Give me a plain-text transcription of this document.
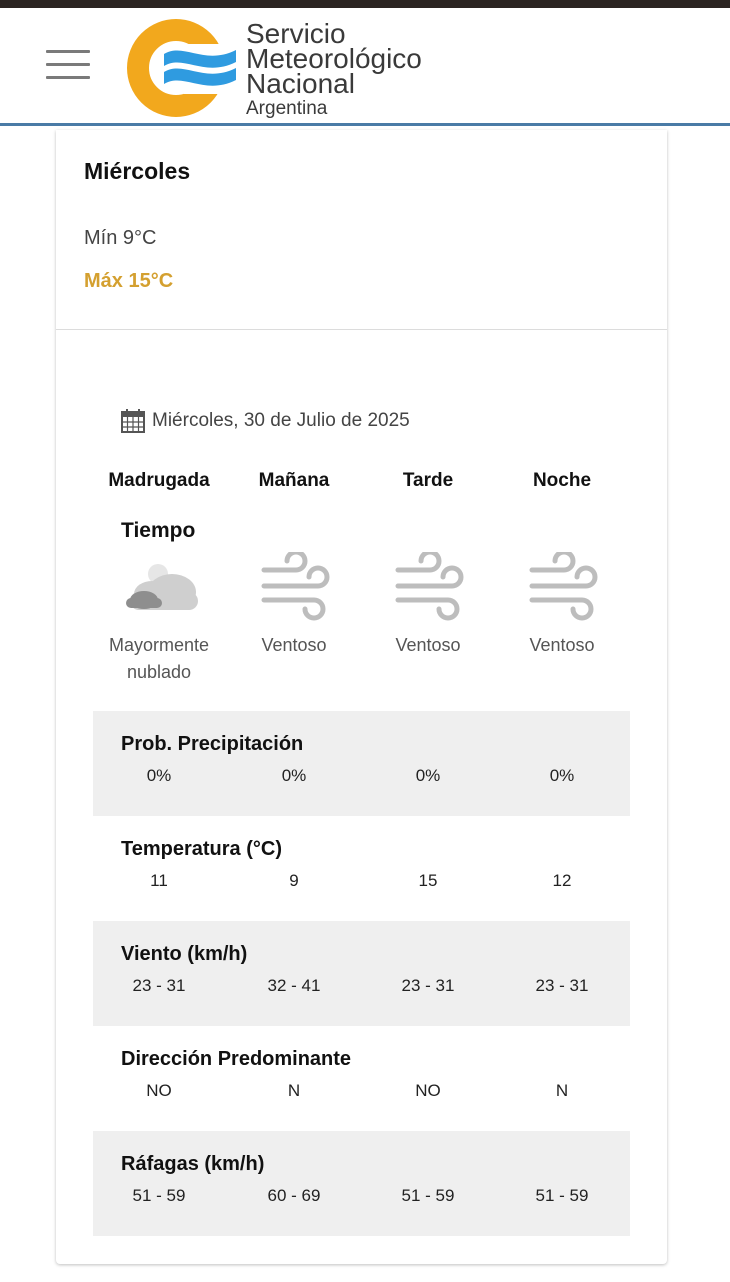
Servicio
Meteorológico
Nacional
Argentina
Miércoles
Mín 9°C
Máx 15°C
Miércoles, 30 de Julio de 2025
Madrugada	Mañana	Tarde	Noche
Tiempo
Mayormente
nublado
Ventoso	Ventoso	Ventoso
Prob. Precipitación
0%	0%	0%	0%
Temperatura (°C)
11	9	15	12
Viento (km/h)
23 - 31	32 - 41	23 - 31	23 - 31
Dirección Predominante
NO	N	NO	N
Ráfagas (km/h)
51 - 59	60 - 69	51 - 59	51 - 59
